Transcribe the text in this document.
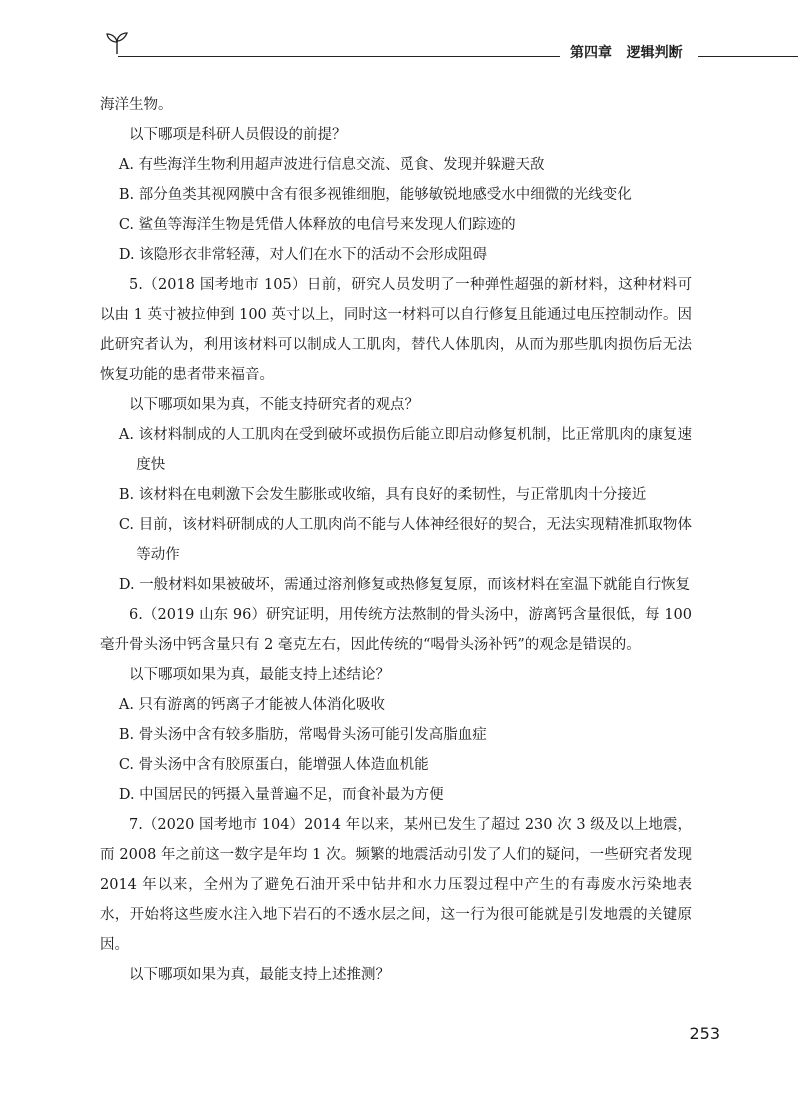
第四章 逻辑判断

海洋生物。

以下哪项是科研人员假设的前提？

A. 有些海洋生物利用超声波进行信息交流、觅食、发现并躲避天敌

B. 部分鱼类其视网膜中含有很多视锥细胞，能够敏锐地感受水中细微的光线变化

C. 鲨鱼等海洋生物是凭借人体释放的电信号来发现人们踪迹的

D. 该隐形衣非常轻薄，对人们在水下的活动不会形成阻碍

5.（2018 国考地市 105）日前，研究人员发明了一种弹性超强的新材料，这种材料可以由 1 英寸被拉伸到 100 英寸以上，同时这一材料可以自行修复且能通过电压控制动作。因此研究者认为，利用该材料可以制成人工肌肉，替代人体肌肉，从而为那些肌肉损伤后无法恢复功能的患者带来福音。

以下哪项如果为真，不能支持研究者的观点？

A. 该材料制成的人工肌肉在受到破坏或损伤后能立即启动修复机制，比正常肌肉的康复速度快

B. 该材料在电刺激下会发生膨胀或收缩，具有良好的柔韧性，与正常肌肉十分接近

C. 目前，该材料研制成的人工肌肉尚不能与人体神经很好的契合，无法实现精准抓取物体等动作

D. 一般材料如果被破坏，需通过溶剂修复或热修复复原，而该材料在室温下就能自行恢复

6.（2019 山东 96）研究证明，用传统方法熬制的骨头汤中，游离钙含量很低，每 100 毫升骨头汤中钙含量只有 2 毫克左右，因此传统的“喝骨头汤补钙”的观念是错误的。

以下哪项如果为真，最能支持上述结论？

A. 只有游离的钙离子才能被人体消化吸收

B. 骨头汤中含有较多脂肪，常喝骨头汤可能引发高脂血症

C. 骨头汤中含有胶原蛋白，能增强人体造血机能

D. 中国居民的钙摄入量普遍不足，而食补最为方便

7.（2020 国考地市 104）2014 年以来，某州已发生了超过 230 次 3 级及以上地震，而 2008 年之前这一数字是年均 1 次。频繁的地震活动引发了人们的疑问，一些研究者发现 2014 年以来，全州为了避免石油开采中钻井和水力压裂过程中产生的有毒废水污染地表水，开始将这些废水注入地下岩石的不透水层之间，这一行为很可能就是引发地震的关键原因。

以下哪项如果为真，最能支持上述推测？

253
